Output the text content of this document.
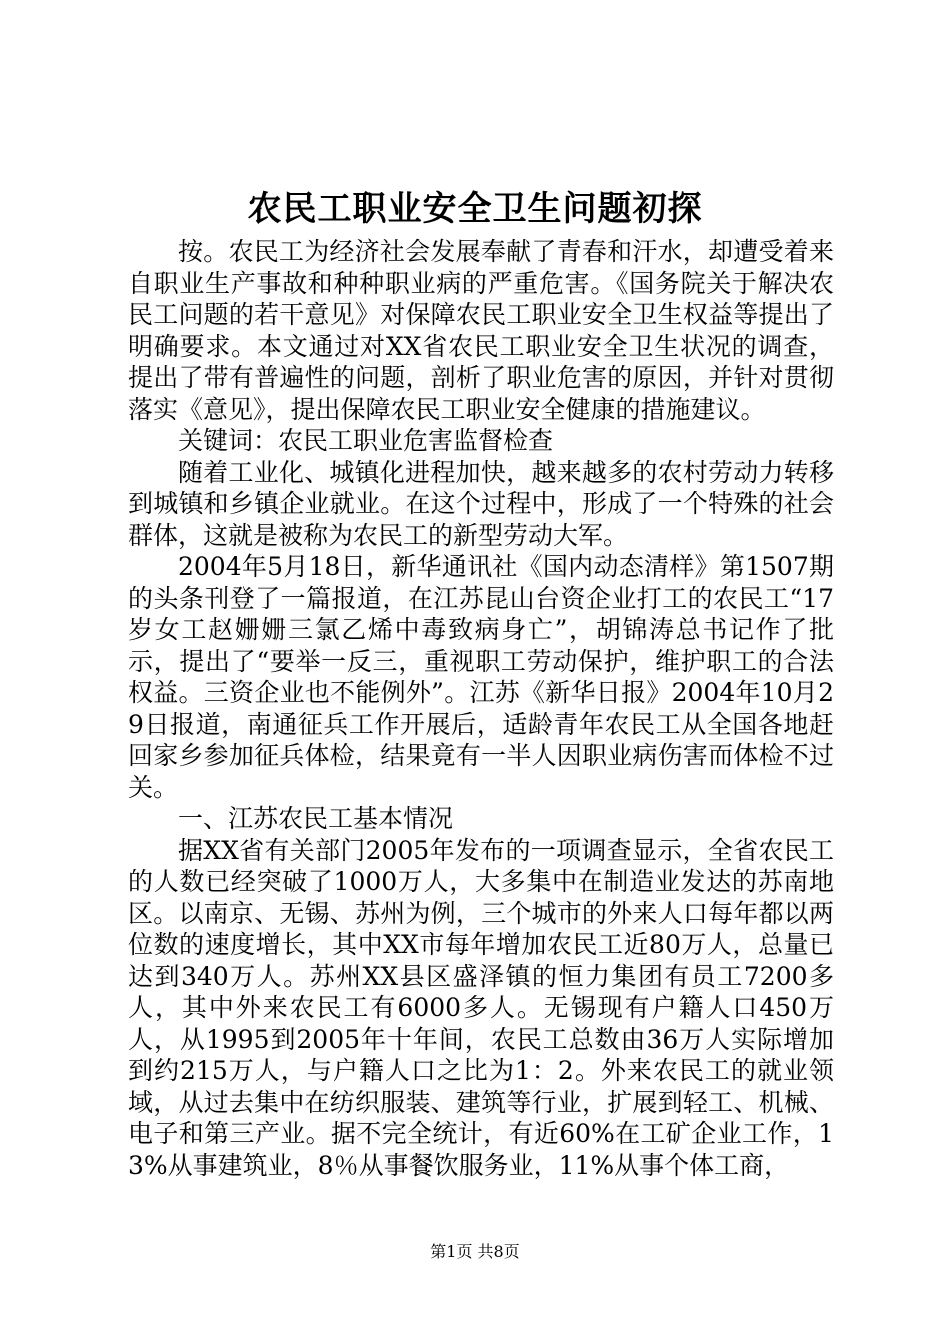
农民工职业安全卫生问题初探

按。农民工为经济社会发展奉献了青春和汗水，却遭受着来自职业生产事故和种种职业病的严重危害。《国务院关于解决农民工问题的若干意见》对保障农民工职业安全卫生权益等提出了明确要求。本文通过对XX省农民工职业安全卫生状况的调查，提出了带有普遍性的问题，剖析了职业危害的原因，并针对贯彻落实《意见》，提出保障农民工职业安全健康的措施建议。

关键词：农民工职业危害监督检查

随着工业化、城镇化进程加快，越来越多的农村劳动力转移到城镇和乡镇企业就业。在这个过程中，形成了一个特殊的社会群体，这就是被称为农民工的新型劳动大军。

2004年5月18日，新华通讯社《国内动态清样》第1507期的头条刊登了一篇报道，在江苏昆山台资企业打工的农民工“17岁女工赵姗姗三氯乙烯中毒致病身亡”，胡锦涛总书记作了批示，提出了“要举一反三，重视职工劳动保护，维护职工的合法权益。三资企业也不能例外”。江苏《新华日报》2004年10月29日报道，南通征兵工作开展后，适龄青年农民工从全国各地赶回家乡参加征兵体检，结果竟有一半人因职业病伤害而体检不过关。

一、江苏农民工基本情况

据XX省有关部门2005年发布的一项调查显示，全省农民工的人数已经突破了1000万人，大多集中在制造业发达的苏南地区。以南京、无锡、苏州为例，三个城市的外来人口每年都以两位数的速度增长，其中XX市每年增加农民工近80万人，总量已达到340万人。苏州XX县区盛泽镇的恒力集团有员工7200多人，其中外来农民工有6000多人。无锡现有户籍人口450万人，从1995到2005年十年间，农民工总数由36万人实际增加到约215万人，与户籍人口之比为1：2。外来农民工的就业领域，从过去集中在纺织服装、建筑等行业，扩展到轻工、机械、电子和第三产业。据不完全统计，有近60%在工矿企业工作，13%从事建筑业，8％从事餐饮服务业，11%从事个体工商，

第1页 共8页
